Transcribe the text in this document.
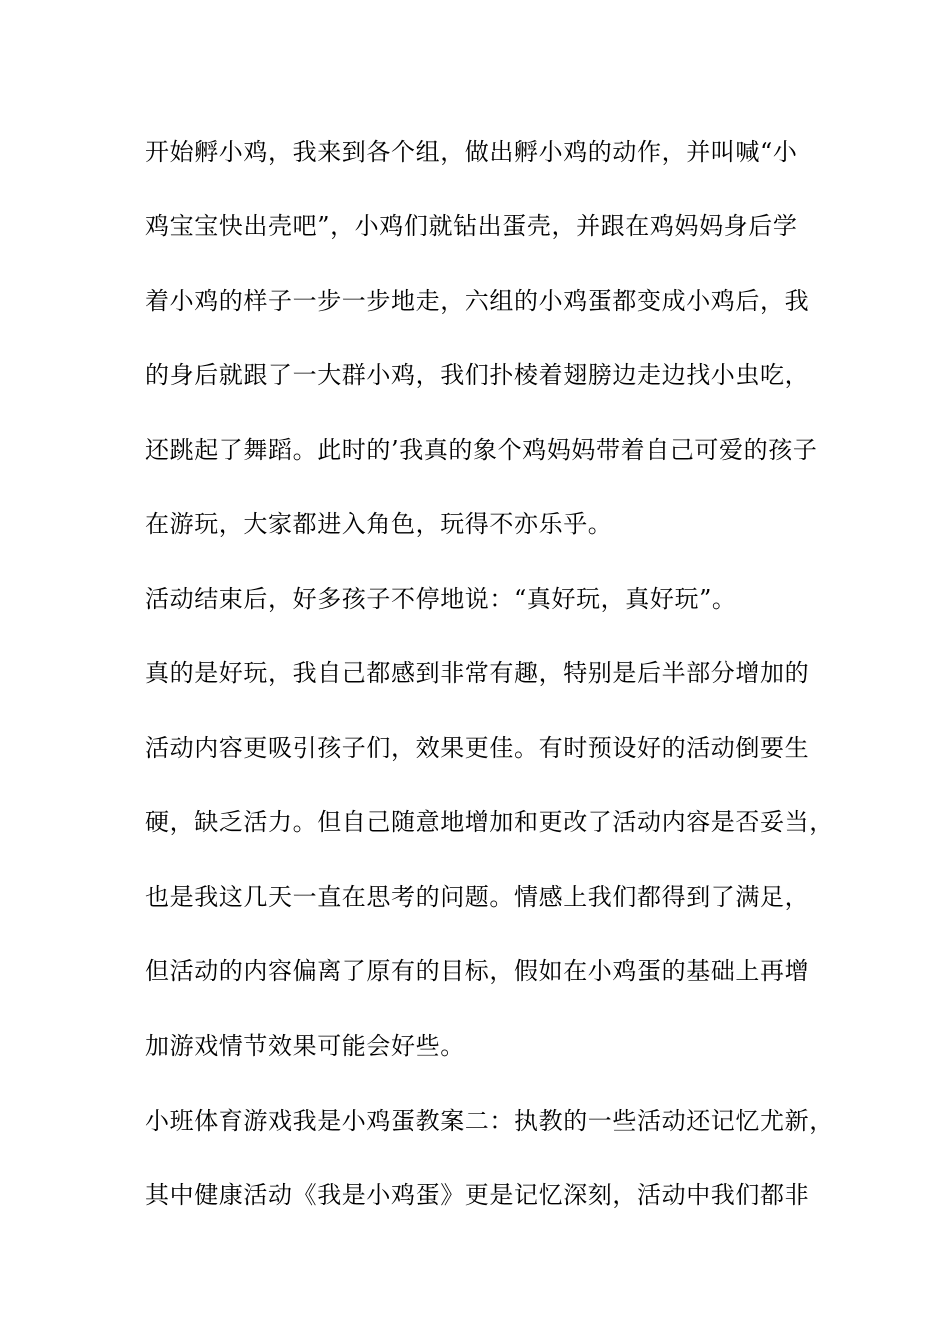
开始孵小鸡，我来到各个组，做出孵小鸡的动作，并叫喊“小
鸡宝宝快出壳吧”，小鸡们就钻出蛋壳，并跟在鸡妈妈身后学
着小鸡的样子一步一步地走，六组的小鸡蛋都变成小鸡后，我
的身后就跟了一大群小鸡，我们扑棱着翅膀边走边找小虫吃，
还跳起了舞蹈。此时的’我真的象个鸡妈妈带着自己可爱的孩子
在游玩，大家都进入角色，玩得不亦乐乎。
活动结束后，好多孩子不停地说：“真好玩，真好玩”。
真的是好玩，我自己都感到非常有趣，特别是后半部分增加的
活动内容更吸引孩子们，效果更佳。有时预设好的活动倒要生
硬，缺乏活力。但自己随意地增加和更改了活动内容是否妥当，
也是我这几天一直在思考的问题。情感上我们都得到了满足，
但活动的内容偏离了原有的目标，假如在小鸡蛋的基础上再增
加游戏情节效果可能会好些。
小班体育游戏我是小鸡蛋教案二：执教的一些活动还记忆尤新，
其中健康活动《我是小鸡蛋》更是记忆深刻，活动中我们都非
